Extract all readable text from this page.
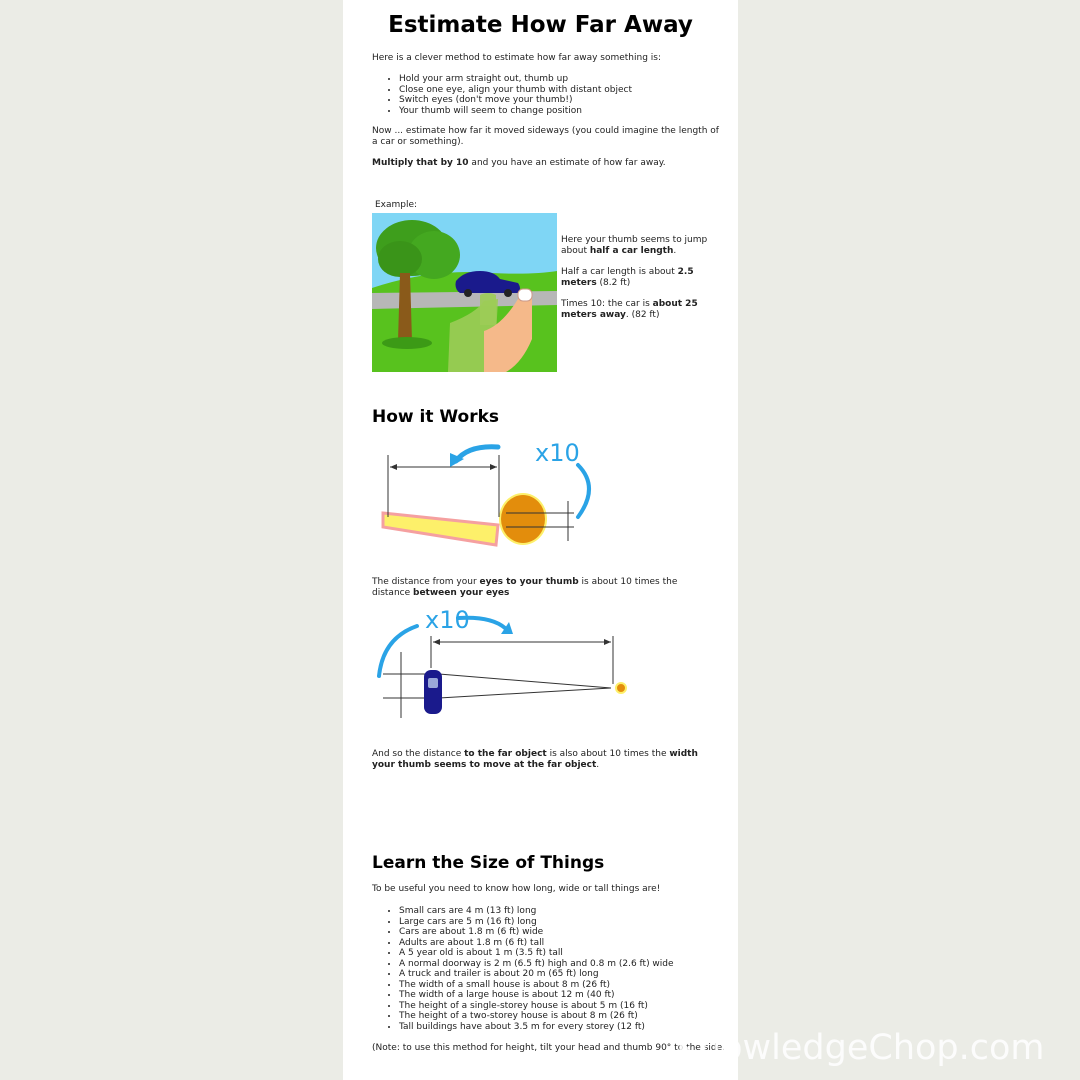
Estimate How Far Away

Here is a clever method to estimate how far away something is:

• Hold your arm straight out, thumb up
• Close one eye, align your thumb with distant object
• Switch eyes (don't move your thumb!)
• Your thumb will seem to change position

Now ... estimate how far it moved sideways (you could imagine the length of a car or something).

Multiply that by 10 and you have an estimate of how far away.

Example:

Here your thumb seems to jump about half a car length.

Half a car length is about 2.5 meters (8.2 ft)

Times 10: the car is about 25 meters away. (82 ft)

How it Works
x10

The distance from your eyes to your thumb is about 10 times the distance between your eyes

x10

And so the distance to the far object is also about 10 times the width your thumb seems to move at the far object.

Learn the Size of Things

To be useful you need to know how long, wide or tall things are!

• Small cars are 4 m (13 ft) long
• Large cars are 5 m (16 ft) long
• Cars are about 1.8 m (6 ft) wide
• Adults are about 1.8 m (6 ft) tall
• A 5 year old is about 1 m (3.5 ft) tall
• A normal doorway is 2 m (6.5 ft) high and 0.8 m (2.6 ft) wide
• A truck and trailer is about 20 m (65 ft) long
• The width of a small house is about 8 m (26 ft)
• The width of a large house is about 12 m (40 ft)
• The height of a single-storey house is about 5 m (16 ft)
• The height of a two-storey house is about 8 m (26 ft)
• Tall buildings have about 3.5 m for every storey (12 ft)

(Note: to use this method for height, tilt your head and thumb 90° to the side.

KnowledgeChop.com
